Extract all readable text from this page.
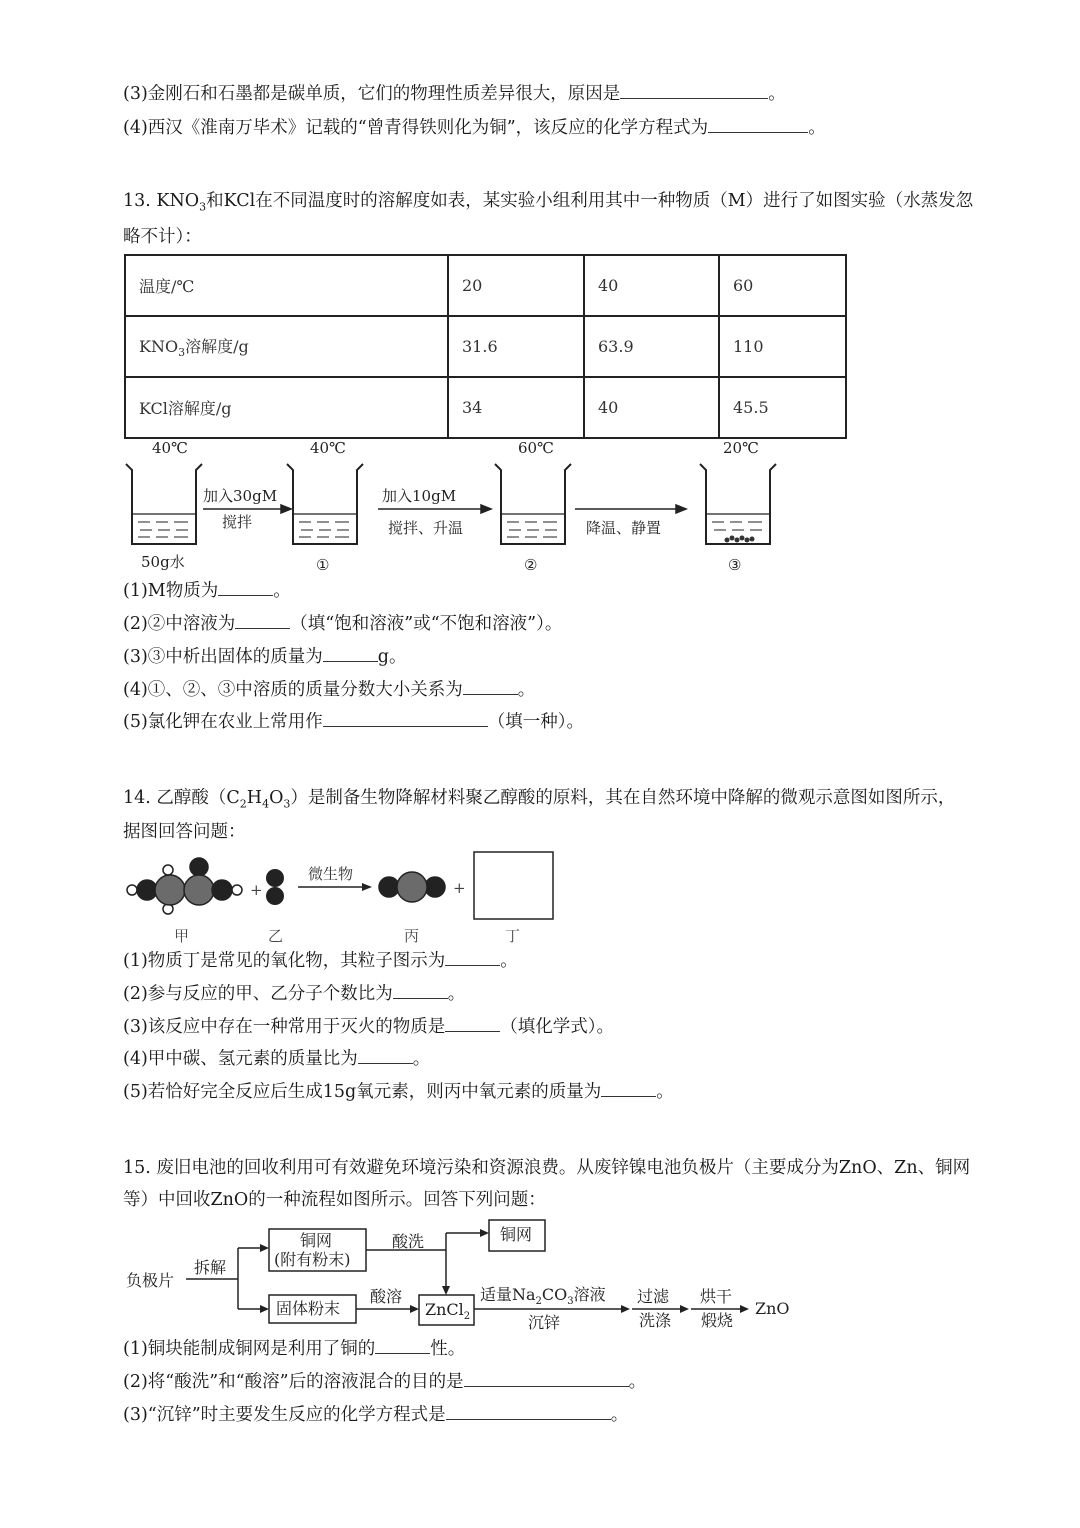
(3)金刚石和石墨都是碳单质，它们的物理性质差异很大，原因是	。
(4)西汉《淮南万毕术》记载的“曾青得铁则化为铜”，该反应的化学方程式为	。
13. $KNO_3$和KCl在不同温度时的溶解度如表，某实验小组利用其中一种物质（M）进行了如图实验（水蒸发忽
略不计）：
温度/℃	20	40	60
$KNO_3$溶解度/g	31.6	63.9	110
KCl溶解度/g	34	40	45.5
40℃	40℃	60℃	20℃
加入30gM
搅拌
加入10gM
搅拌、升温	降温、静置
50g水	①	②	③
(1)M物质为	。
(2)②中溶液为	（填“饱和溶液”或“不饱和溶液”）。
(3)③中析出固体的质量为	g。
(4)①、②、③中溶质的质量分数大小关系为	。
(5)氯化钾在农业上常用作	（填一种）。
14. 乙醇酸$(C_2H_4O_3)$是制备生物降解材料聚乙醇酸的原料，其在自然环境中降解的微观示意图如图所示，
据图回答问题：
+
微生物
+
甲	乙	丙	丁
(1)物质丁是常见的氧化物，其粒子图示为	。
(2)参与反应的甲、乙分子个数比为	。
(3)该反应中存在一种常用于灭火的物质是	（填化学式）。
(4)甲中碳、氢元素的质量比为	。
(5)若恰好完全反应后生成15g氧元素，则丙中氧元素的质量为	。
15. 废旧电池的回收利用可有效避免环境污染和资源浪费。从废锌镍电池负极片（主要成分为ZnO、Zn、铜网
等）中回收ZnO的一种流程如图所示。回答下列问题：
负极片
拆解
铜网
(附有粉末)
酸洗	铜网
固体粉末
酸溶
ZnCl$_2$
适量$Na_2CO_3$溶液
沉锌
过滤
洗涤
烘干
煅烧
ZnO
(1)铜块能制成铜网是利用了铜的	性。
(2)将“酸洗”和“酸溶”后的溶液混合的目的是	。
(3)“沉锌”时主要发生反应的化学方程式是	。
